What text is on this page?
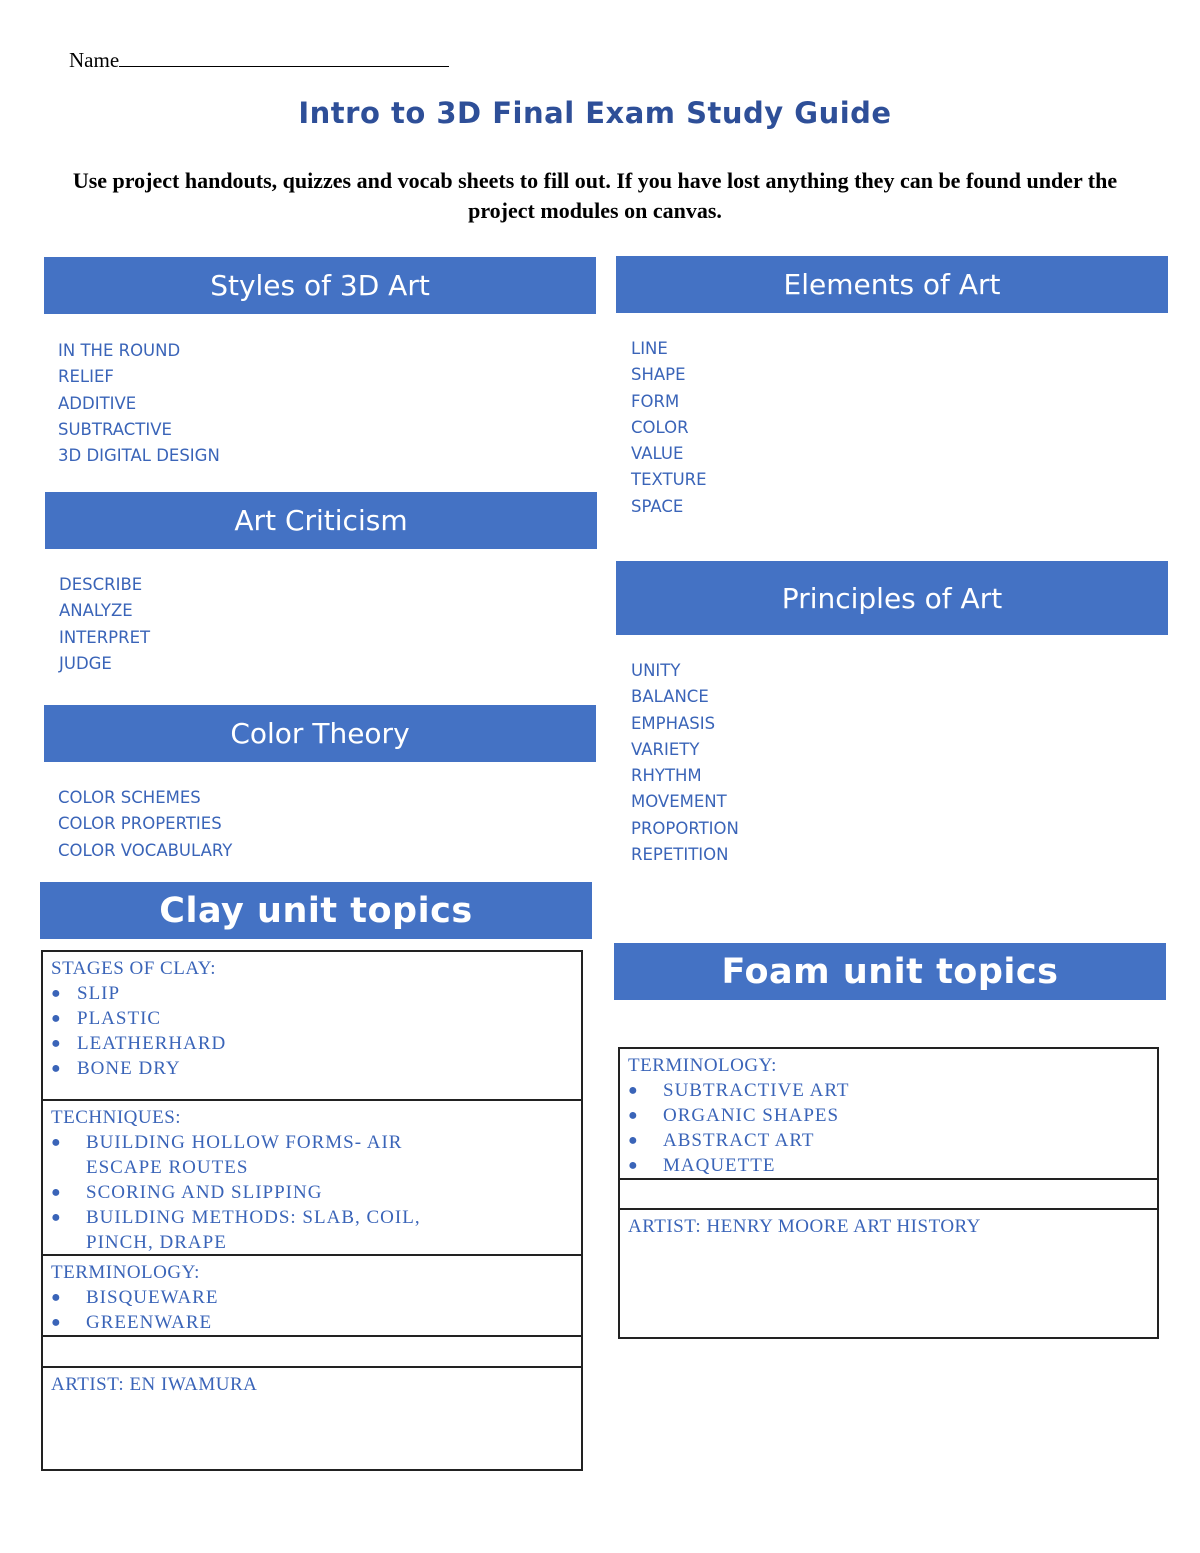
Name
Intro to 3D Final Exam Study Guide
Use project handouts, quizzes and vocab sheets to fill out. If you have lost anything they can be found under the project modules on canvas.
Styles of 3D Art
IN THE ROUND
RELIEF
ADDITIVE
SUBTRACTIVE
3D DIGITAL DESIGN
Art Criticism
DESCRIBE
ANALYZE
INTERPRET
JUDGE
Color Theory
COLOR SCHEMES
COLOR PROPERTIES
COLOR VOCABULARY
Elements of Art
LINE
SHAPE
FORM
COLOR
VALUE
TEXTURE
SPACE
Principles of Art
UNITY
BALANCE
EMPHASIS
VARIETY
RHYTHM
MOVEMENT
PROPORTION
REPETITION
Clay unit topics
STAGES OF CLAY:
● SLIP
● PLASTIC
● LEATHERHARD
● BONE DRY
TECHNIQUES:
● BUILDING HOLLOW FORMS- AIR ESCAPE ROUTES
● SCORING AND SLIPPING
● BUILDING METHODS: SLAB, COIL, PINCH, DRAPE
TERMINOLOGY:
● BISQUEWARE
● GREENWARE
ARTIST: EN IWAMURA
Foam unit topics
TERMINOLOGY:
● SUBTRACTIVE ART
● ORGANIC SHAPES
● ABSTRACT ART
● MAQUETTE
ARTIST: HENRY MOORE ART HISTORY
